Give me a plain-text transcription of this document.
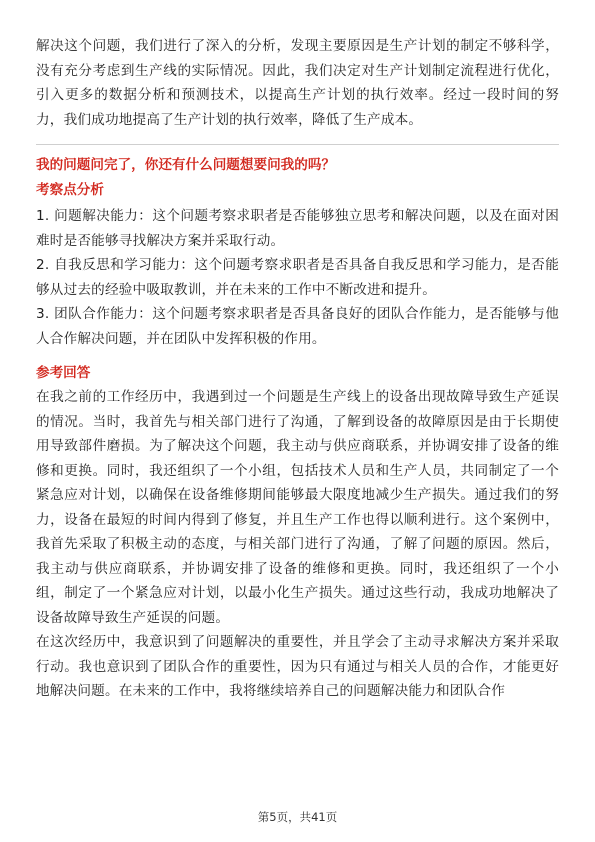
解决这个问题，我们进行了深入的分析，发现主要原因是生产计划的制定不够科学，没有充分考虑到生产线的实际情况。因此，我们决定对生产计划制定流程进行优化，引入更多的数据分析和预测技术，以提高生产计划的执行效率。经过一段时间的努力，我们成功地提高了生产计划的执行效率，降低了生产成本。

我的问题问完了，你还有什么问题想要问我的吗？

考察点分析

1. 问题解决能力：这个问题考察求职者是否能够独立思考和解决问题，以及在面对困难时是否能够寻找解决方案并采取行动。

2. 自我反思和学习能力：这个问题考察求职者是否具备自我反思和学习能力，是否能够从过去的经验中吸取教训，并在未来的工作中不断改进和提升。

3. 团队合作能力：这个问题考察求职者是否具备良好的团队合作能力，是否能够与他人合作解决问题，并在团队中发挥积极的作用。

参考回答

在我之前的工作经历中，我遇到过一个问题是生产线上的设备出现故障导致生产延误的情况。当时，我首先与相关部门进行了沟通，了解到设备的故障原因是由于长期使用导致部件磨损。为了解决这个问题，我主动与供应商联系，并协调安排了设备的维修和更换。同时，我还组织了一个小组，包括技术人员和生产人员，共同制定了一个紧急应对计划，以确保在设备维修期间能够最大限度地减少生产损失。通过我们的努力，设备在最短的时间内得到了修复，并且生产工作也得以顺利进行。这个案例中，我首先采取了积极主动的态度，与相关部门进行了沟通，了解了问题的原因。然后，我主动与供应商联系，并协调安排了设备的维修和更换。同时，我还组织了一个小组，制定了一个紧急应对计划，以最小化生产损失。通过这些行动，我成功地解决了设备故障导致生产延误的问题。

在这次经历中，我意识到了问题解决的重要性，并且学会了主动寻求解决方案并采取行动。我也意识到了团队合作的重要性，因为只有通过与相关人员的合作，才能更好地解决问题。在未来的工作中，我将继续培养自己的问题解决能力和团队合作

第5页，共41页
